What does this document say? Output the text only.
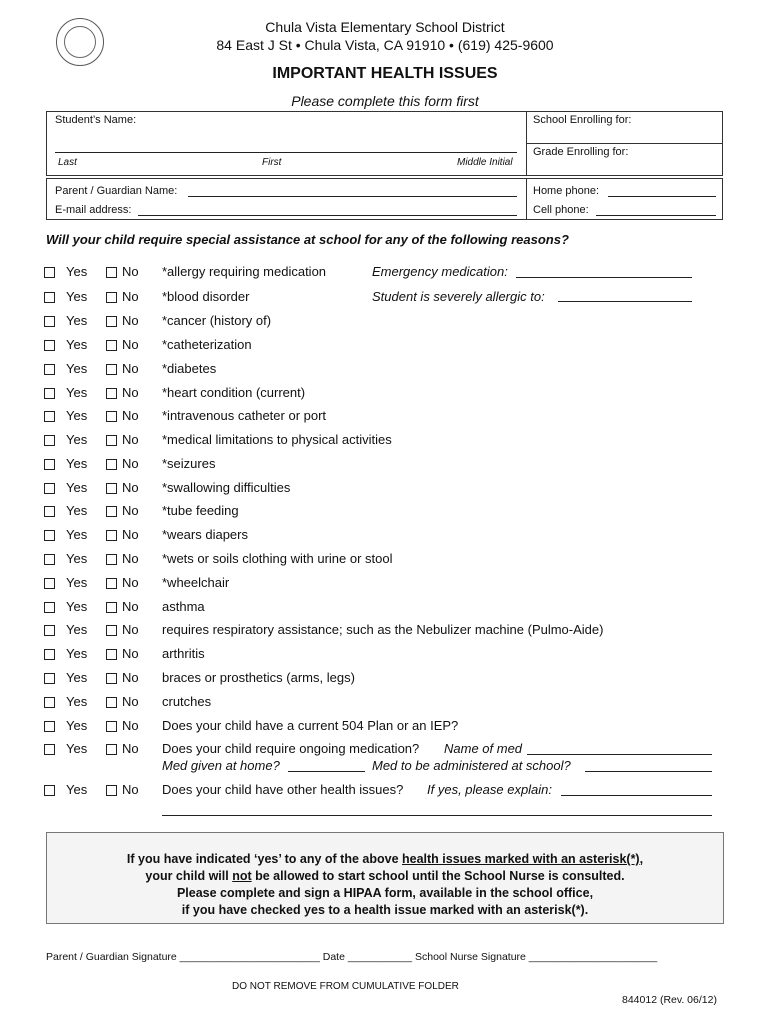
Chula Vista Elementary School District
84 East J St • Chula Vista, CA 91910 • (619) 425-9600
IMPORTANT HEALTH ISSUES
Please complete this form first
Student’s Name:
Last	First	Middle Initial
School Enrolling for:
Grade Enrolling for:
Parent / Guardian Name:
E-mail address:
Home phone:
Cell phone:
Will your child require special assistance at school for any of the following reasons?
Yes	No *allergy requiring medication
Yes	No *blood disorder
Yes	No *cancer (history of)
Yes	No *catheterization
Yes	No *diabetes
Yes	No *heart condition (current)
Yes	No *intravenous catheter or port
Yes	No *medical limitations to physical activities
Yes	No *seizures
Yes	No *swallowing difficulties
Yes	No *tube feeding
Yes	No *wears diapers
Yes	No *wets or soils clothing with urine or stool
Yes	No *wheelchair
Yes	No asthma
Yes	No requires respiratory assistance; such as the Nebulizer machine (Pulmo-Aide)
Yes	No arthritis
Yes	No braces or prosthetics (arms, legs)
Yes	No crutches
Yes	No Does your child have a current 504 Plan or an IEP?
Yes	No Does your child require ongoing medication?
Yes	No Does your child have other health issues?
Emergency medication:
Student is severely allergic to:
Name of med
Med given at home?	Med to be administered at school?
If yes, please explain:
If you have indicated ‘yes’ to any of the above health issues marked with an asterisk(*),
your child will not be allowed to start school until the School Nurse is consulted.
Please complete and sign a HIPAA form, available in the school office,
if you have checked yes to a health issue marked with an asterisk(*).
Parent / Guardian Signature ________________________ Date ___________ School Nurse Signature ______________________
DO NOT REMOVE FROM CUMULATIVE FOLDER
844012 (Rev. 06/12)
